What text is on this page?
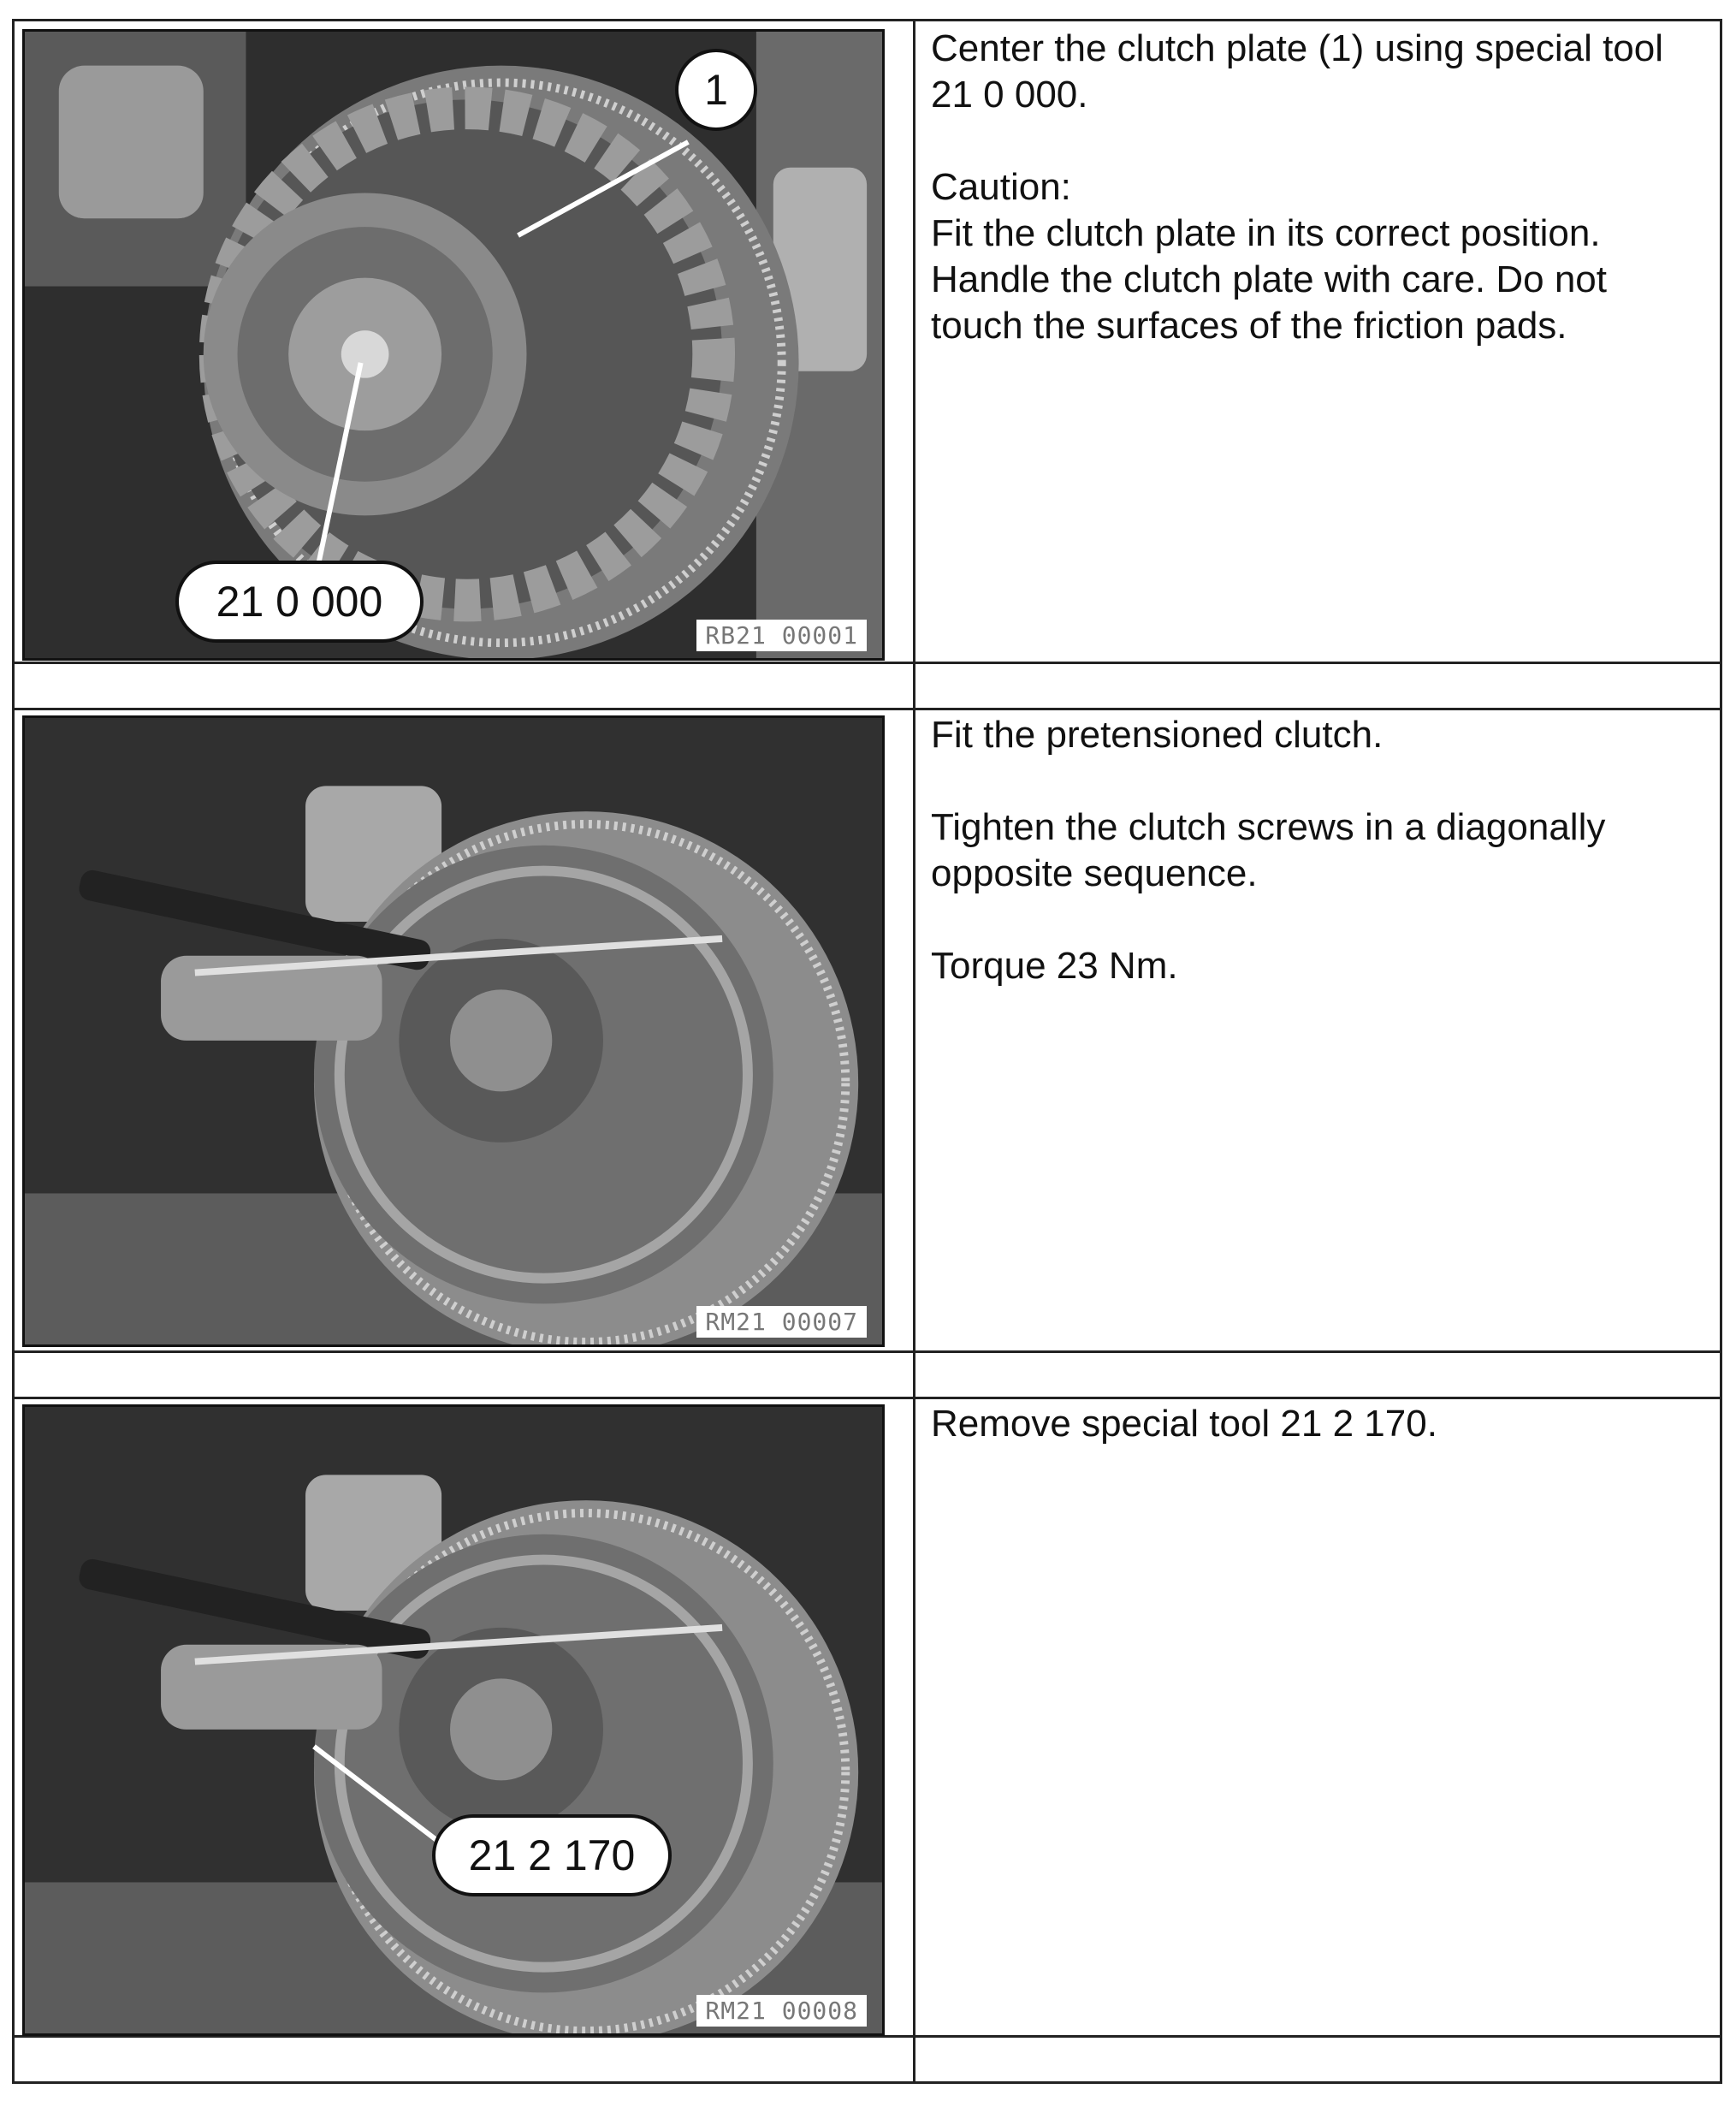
1
21 0 000
RB21 00001

Center the clutch plate (1) using special tool 21 0 000.

Caution:
Fit the clutch plate in its correct position. Handle the clutch plate with care. Do not touch the surfaces of the friction pads.

RM21 00007

Fit the pretensioned clutch.

Tighten the clutch screws in a diagonally opposite sequence.

Torque 23 Nm.

21 2 170
RM21 00008

Remove special tool 21 2 170.
